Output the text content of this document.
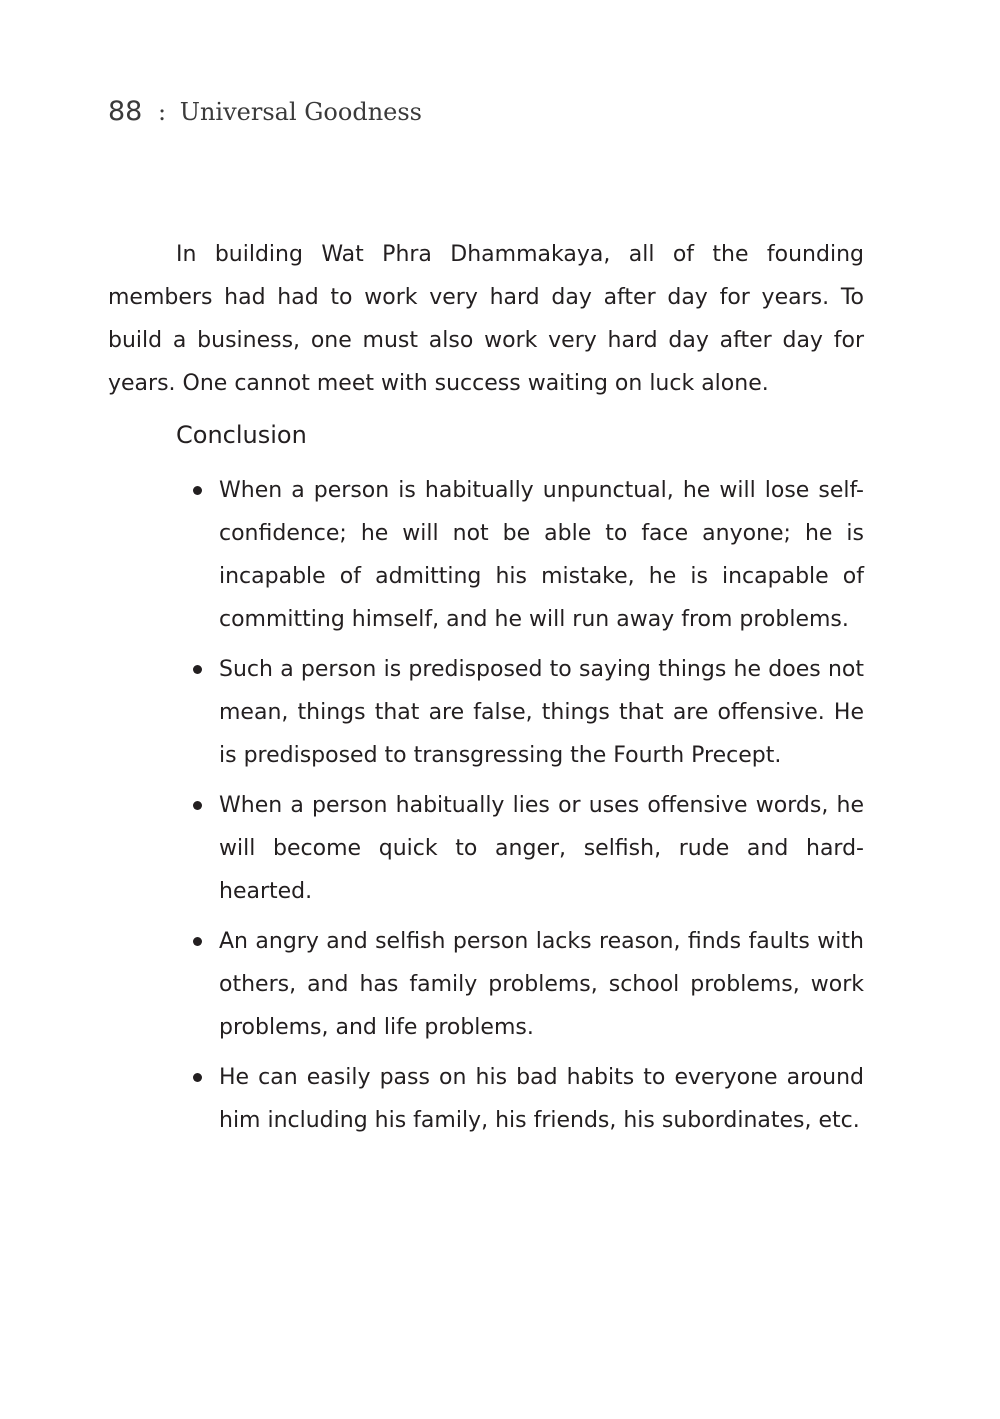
88 : Universal Goodness

In building Wat Phra Dhammakaya, all of the founding members had had to work very hard day after day for years. To build a business, one must also work very hard day after day for years. One cannot meet with success waiting on luck alone.

Conclusion
When a person is habitually unpunctual, he will lose self-confidence; he will not be able to face anyone; he is incapable of admitting his mistake, he is incapable of committing himself, and he will run away from problems.
Such a person is predisposed to saying things he does not mean, things that are false, things that are offensive. He is predisposed to transgressing the Fourth Precept.
When a person habitually lies or uses offensive words, he will become quick to anger, selfish, rude and hard-hearted.
An angry and selfish person lacks reason, finds faults with others, and has family problems, school problems, work problems, and life problems.
He can easily pass on his bad habits to everyone around him including his family, his friends, his subordinates, etc.
